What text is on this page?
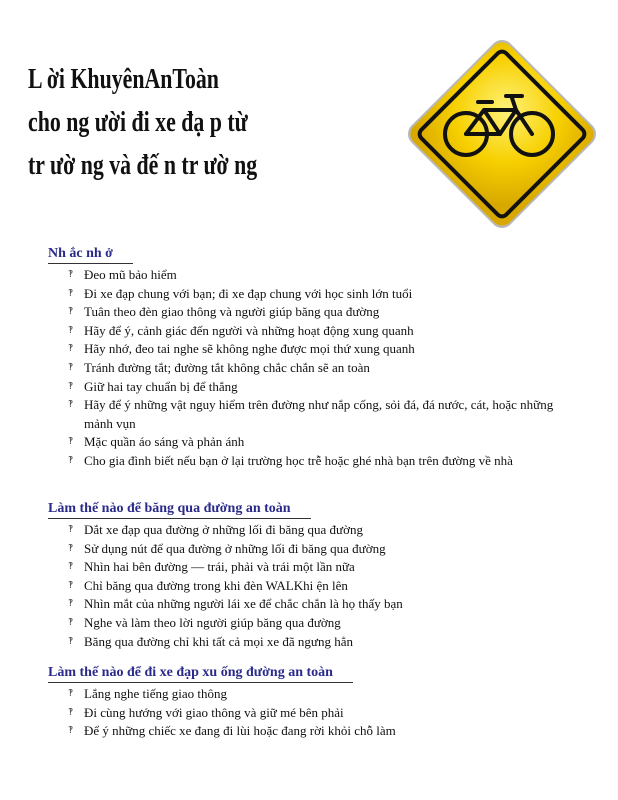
L ời KhuyênAnToàn
cho ng ười đi xe đạ p từ
tr ườ ng và đế n tr ườ ng
Nh ắc nh ở
‽ Đeo mũ bảo hiểm
‽ Đi xe đạp chung với bạn; đi xe đạp chung với học sinh lớn tuổi
‽ Tuân theo đèn giao thông và người giúp băng qua đường
‽ Hãy để ý, cảnh giác đến người và những hoạt động xung quanh
‽ Hãy nhớ, đeo tai nghe sẽ không nghe được mọi thứ xung quanh
‽ Tránh đường tắt; đường tắt không chắc chắn sẽ an toàn
‽ Giữ hai tay chuẩn bị để thắng
‽ Hãy để ý những vật nguy hiểm trên đường như nắp cống, sỏi đá, đá nước, cát, hoặc những mảnh vụn
‽ Mặc quần áo sáng và phản ánh
‽ Cho gia đình biết nếu bạn ở lại trường học trễ hoặc ghé nhà bạn trên đường về nhà
Làm thế nào để băng qua đường an toàn
‽ Dắt xe đạp qua đường ở những lối đi băng qua đường
‽ Sử dụng nút để qua đường ở những lối đi băng qua đường
‽ Nhìn hai bên đường — trái, phải và trái một lần nữa
‽ Chỉ băng qua đường trong khi đèn WALKhi ện lên
‽ Nhìn mắt của những người lái xe để chắc chắn là họ thấy bạn
‽ Nghe và làm theo lời người giúp băng qua đường
‽ Băng qua đường chỉ khi tất cả mọi xe đã ngưng hẳn
Làm thế nào để đi xe đạp xu ống đường an toàn
‽ Lắng nghe tiếng giao thông
‽ Đi cùng hướng với giao thông và giữ mé bên phải
‽ Để ý những chiếc xe đang đi lùi hoặc đang rời khỏi chỗ làm
